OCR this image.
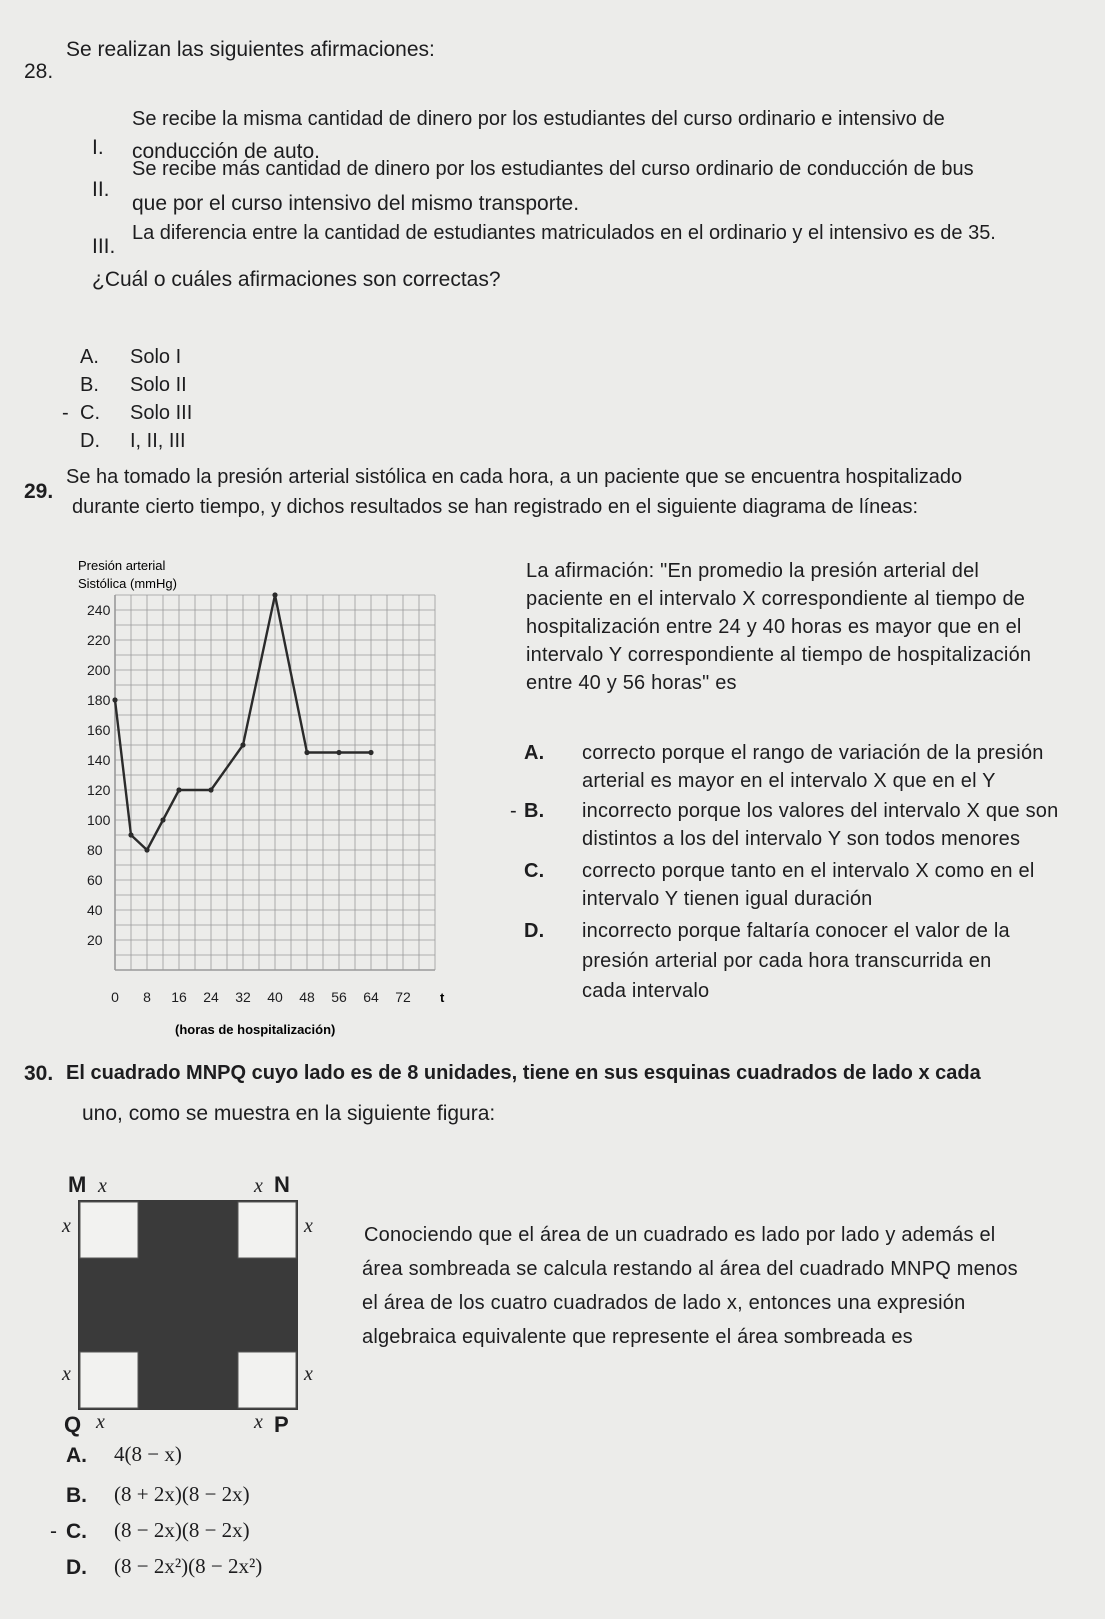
28.
Se realizan las siguientes afirmaciones:
I.
Se recibe la misma cantidad de dinero por los estudiantes del curso ordinario e intensivo de
conducción de auto.
II.
Se recibe más cantidad de dinero por los estudiantes del curso ordinario de conducción de bus
que por el curso intensivo del mismo transporte.
III.
La diferencia entre la cantidad de estudiantes matriculados en el ordinario y el intensivo es de 35.
¿Cuál o cuáles afirmaciones son correctas?
A. Solo I
B. Solo II
- C. Solo III
D. I, II, III
29.
Se ha tomado la presión arterial sistólica en cada hora, a un paciente que se encuentra hospitalizado
durante cierto tiempo, y dichos resultados se han registrado en el siguiente diagrama de líneas:
Presión arterial
Sistólica (mmHg)
20
40
60
80
100
120
140
160
180
200
220
240
0 8 16 24 32 40 48 56 64 72 t
(horas de hospitalización)
La afirmación: "En promedio la presión arterial del
paciente en el intervalo X correspondiente al tiempo de
hospitalización entre 24 y 40 horas es mayor que en el
intervalo Y correspondiente al tiempo de hospitalización
entre 40 y 56 horas" es
A. correcto porque el rango de variación de la presión
arterial es mayor en el intervalo X que en el Y
- B. incorrecto porque los valores del intervalo X que son
distintos a los del intervalo Y son todos menores
C. correcto porque tanto en el intervalo X como en el
intervalo Y tienen igual duración
D. incorrecto porque faltaría conocer el valor de la
presión arterial por cada hora transcurrida en
cada intervalo
30. El cuadrado MNPQ cuyo lado es de 8 unidades, tiene en sus esquinas cuadrados de lado x cada
uno, como se muestra en la siguiente figura:
M x	x N
x	x
x	x
Q x	x P
Conociendo que el área de un cuadrado es lado por lado y además el
área sombreada se calcula restando al área del cuadrado MNPQ menos
el área de los cuatro cuadrados de lado x, entonces una expresión
algebraica equivalente que represente el área sombreada es
A. 4(8 − x)
B. (8 + 2x)(8 − 2x)
- C. (8 − 2x)(8 − 2x)
D. (8 − 2x²)(8 − 2x²)
